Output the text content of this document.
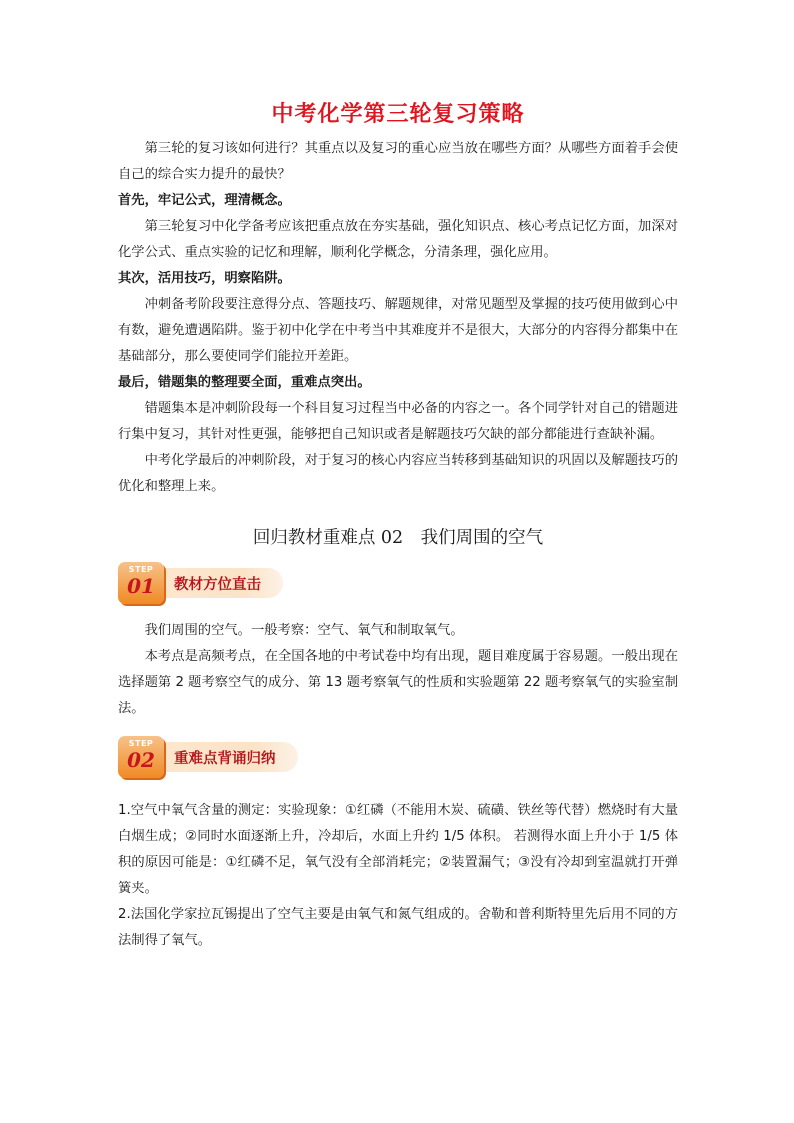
中考化学第三轮复习策略

第三轮的复习该如何进行？其重点以及复习的重心应当放在哪些方面？从哪些方面着手会使自己的综合实力提升的最快？

首先，牢记公式，理清概念。

第三轮复习中化学备考应该把重点放在夯实基础，强化知识点、核心考点记忆方面，加深对化学公式、重点实验的记忆和理解，顺利化学概念，分清条理，强化应用。

其次，活用技巧，明察陷阱。

冲刺备考阶段要注意得分点、答题技巧、解题规律，对常见题型及掌握的技巧使用做到心中有数，避免遭遇陷阱。鉴于初中化学在中考当中其难度并不是很大，大部分的内容得分都集中在基础部分，那么要使同学们能拉开差距。

最后，错题集的整理要全面，重难点突出。

错题集本是冲刺阶段每一个科目复习过程当中必备的内容之一。各个同学针对自己的错题进行集中复习，其针对性更强，能够把自己知识或者是解题技巧欠缺的部分都能进行查缺补漏。

中考化学最后的冲刺阶段，对于复习的核心内容应当转移到基础知识的巩固以及解题技巧的优化和整理上来。

回归教材重难点 02　我们周围的空气
STEP
01	教材方位直击

我们周围的空气。一般考察：空气、氧气和制取氧气。

本考点是高频考点，在全国各地的中考试卷中均有出现，题目难度属于容易题。一般出现在选择题第 2 题考察空气的成分、第 13 题考察氧气的性质和实验题第 22 题考察氧气的实验室制法。

STEP
02	重难点背诵归纳

1.空气中氧气含量的测定：实验现象：①红磷（不能用木炭、硫磺、铁丝等代替）燃烧时有大量白烟生成；②同时水面逐渐上升，冷却后，水面上升约 1/5 体积。 若测得水面上升小于 1/5 体积的原因可能是：①红磷不足，氧气没有全部消耗完；②装置漏气；③没有冷却到室温就打开弹簧夹。

2.法国化学家拉瓦锡提出了空气主要是由氧气和氮气组成的。舍勒和普利斯特里先后用不同的方法制得了氧气。
